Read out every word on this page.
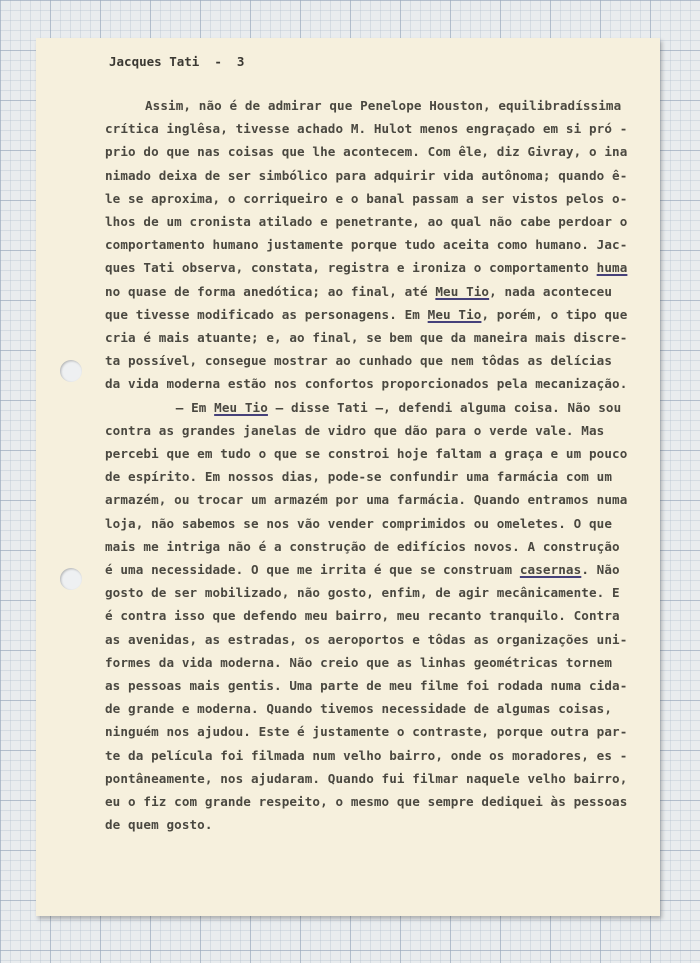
Jacques Tati  -  3
Assim, não é de admirar que Penelope Houston, equilibradíssima
crítica inglêsa, tivesse achado M. Hulot menos engraçado em si pró -
prio do que nas coisas que lhe acontecem. Com êle, diz Givray, o ina
nimado deixa de ser simbólico para adquirir vida autônoma; quando ê-
le se aproxima, o corriqueiro e o banal passam a ser vistos pelos o-
lhos de um cronista atilado e penetrante, ao qual não cabe perdoar o
comportamento humano justamente porque tudo aceita como humano. Jac-
ques Tati observa, constata, registra e ironiza o comportamento huma
no quase de forma anedótica; ao final, até Meu Tio, nada aconteceu
que tivesse modificado as personagens. Em Meu Tio, porém, o tipo que
cria é mais atuante; e, ao final, se bem que da maneira mais discre-
ta possível, consegue mostrar ao cunhado que nem tôdas as delícias
da vida moderna estão nos confortos proporcionados pela mecanização.
— Em Meu Tio — disse Tati —, defendi alguma coisa. Não sou
contra as grandes janelas de vidro que dão para o verde vale. Mas
percebi que em tudo o que se constroi hoje faltam a graça e um pouco
de espírito. Em nossos dias, pode-se confundir uma farmácia com um
armazém, ou trocar um armazém por uma farmácia. Quando entramos numa
loja, não sabemos se nos vão vender comprimidos ou omeletes. O que
mais me intriga não é a construção de edifícios novos. A construção
é uma necessidade. O que me irrita é que se construam casernas. Não
gosto de ser mobilizado, não gosto, enfim, de agir mecânicamente. E
é contra isso que defendo meu bairro, meu recanto tranquilo. Contra
as avenidas, as estradas, os aeroportos e tôdas as organizações uni-
formes da vida moderna. Não creio que as linhas geométricas tornem
as pessoas mais gentis. Uma parte de meu filme foi rodada numa cida-
de grande e moderna. Quando tivemos necessidade de algumas coisas,
ninguém nos ajudou. Este é justamente o contraste, porque outra par-
te da película foi filmada num velho bairro, onde os moradores, es -
pontâneamente, nos ajudaram. Quando fui filmar naquele velho bairro,
eu o fiz com grande respeito, o mesmo que sempre dediquei às pessoas
de quem gosto.
